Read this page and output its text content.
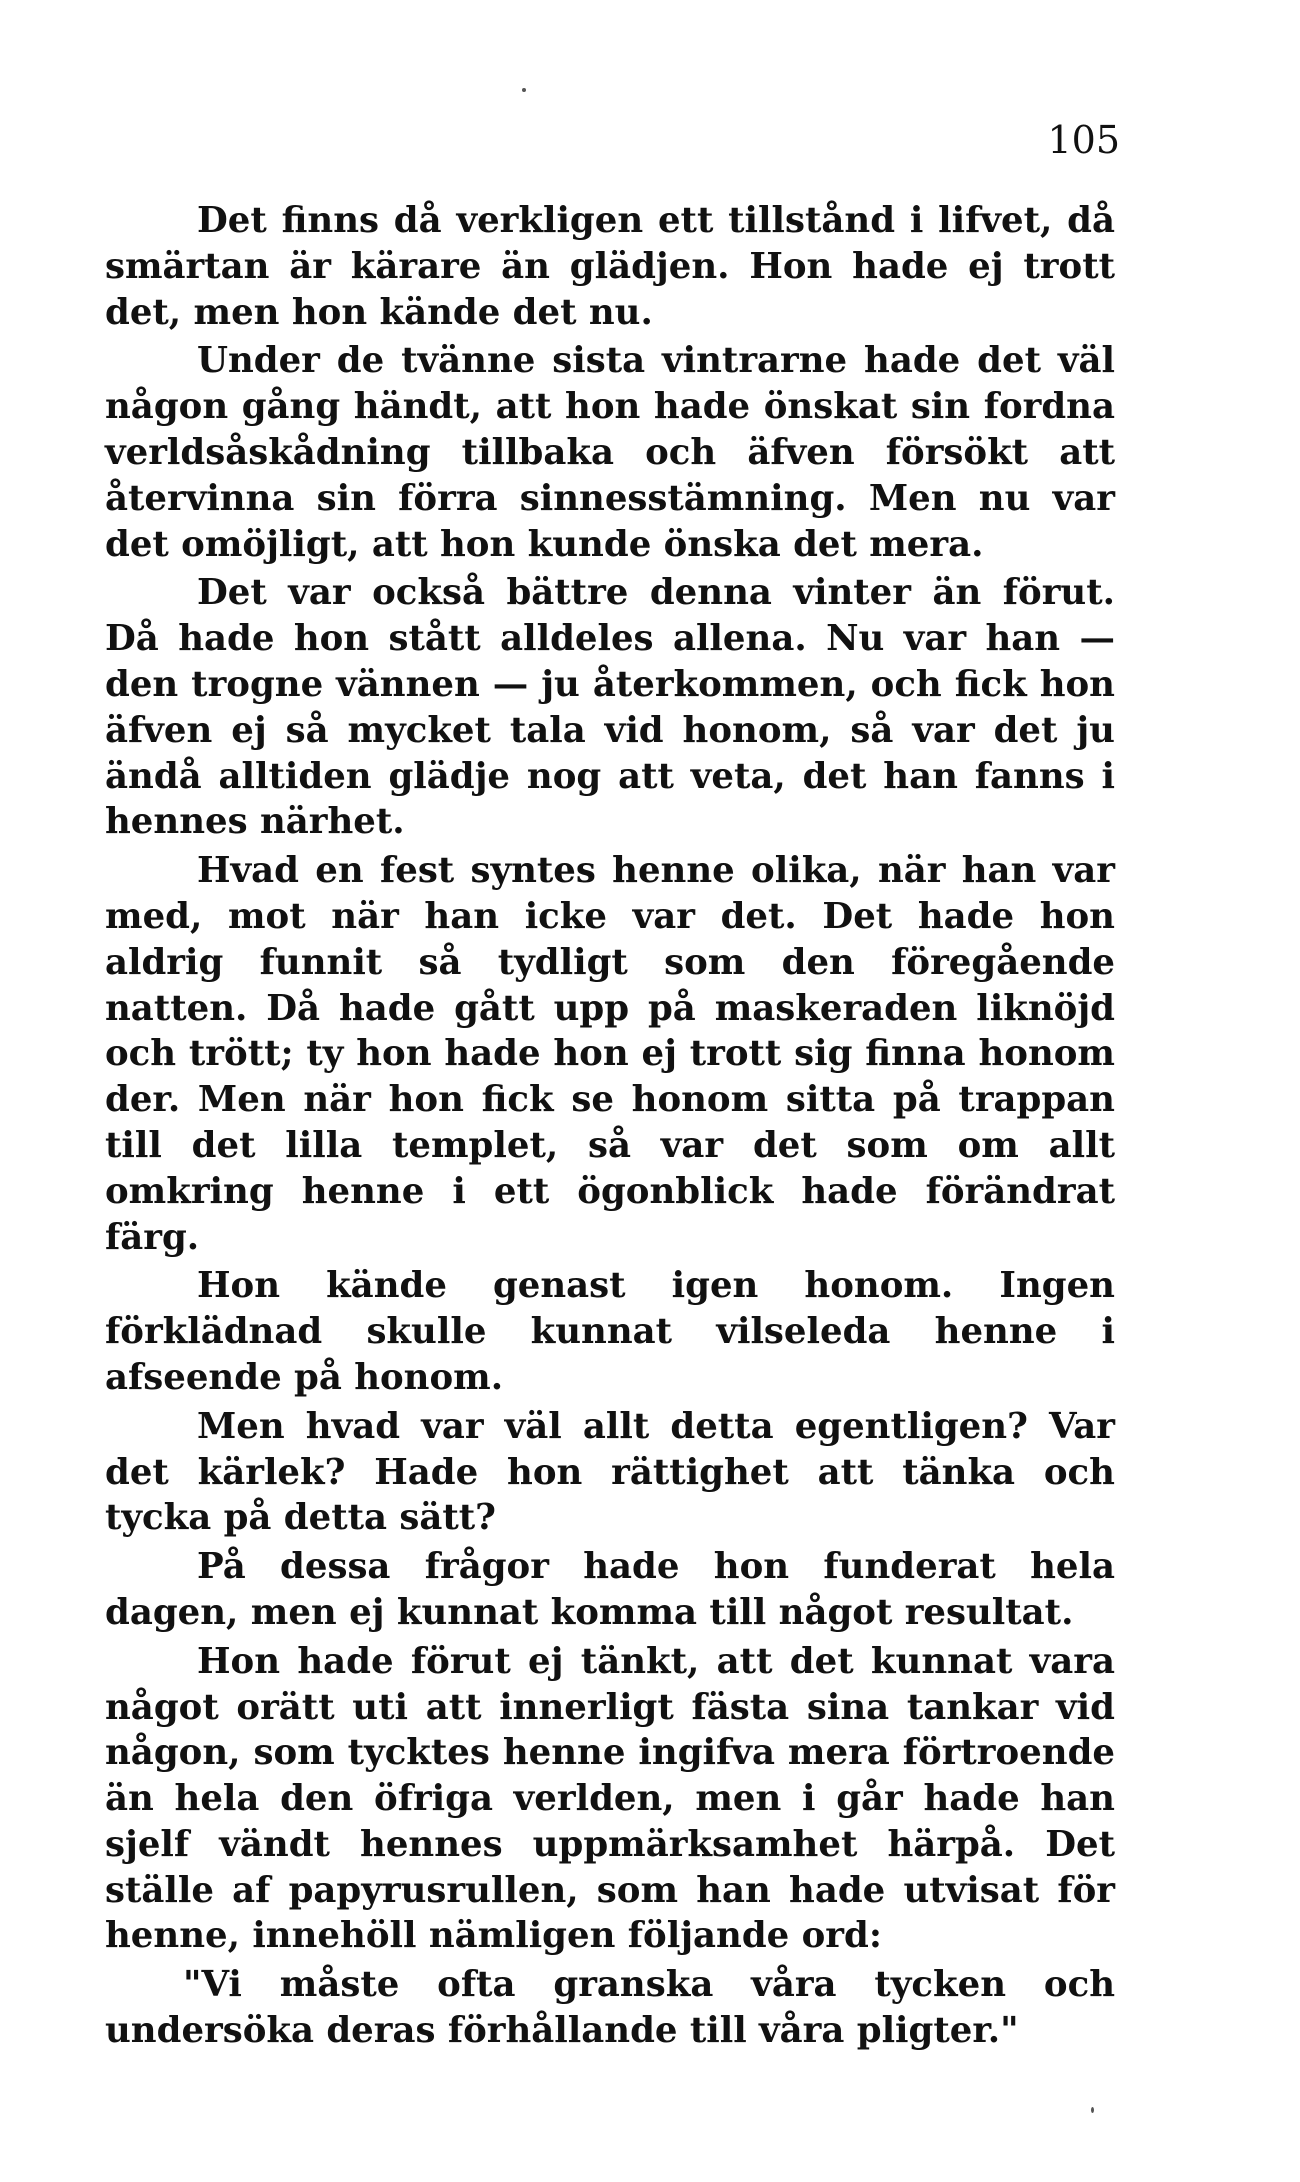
105

Det finns då verkligen ett tillstånd i lifvet, då smärtan är kärare än glädjen. Hon hade ej trott det, men hon kände det nu.

Under de tvänne sista vintrarne hade det väl någon gång händt, att hon hade önskat sin fordna verldsåskådning tillbaka och äfven försökt att återvinna sin förra sinnesstämning. Men nu var det omöjligt, att hon kunde önska det mera.

Det var också bättre denna vinter än förut. Då hade hon stått alldeles allena. Nu var han — den trogne vännen — ju återkommen, och fick hon äfven ej så mycket tala vid honom, så var det ju ändå alltiden glädje nog att veta, det han fanns i hennes närhet.

Hvad en fest syntes henne olika, när han var med, mot när han icke var det. Det hade hon aldrig funnit så tydligt som den föregående natten. Då hade gått upp på maskeraden liknöjd och trött; ty hon hade hon ej trott sig finna honom der. Men när hon fick se honom sitta på trappan till det lilla templet, så var det som om allt omkring henne i ett ögonblick hade förändrat färg.

Hon kände genast igen honom. Ingen förklädnad skulle kunnat vilseleda henne i afseende på honom.

Men hvad var väl allt detta egentligen? Var det kärlek? Hade hon rättighet att tänka och tycka på detta sätt?

På dessa frågor hade hon funderat hela dagen, men ej kunnat komma till något resultat.

Hon hade förut ej tänkt, att det kunnat vara något orätt uti att innerligt fästa sina tankar vid någon, som tycktes henne ingifva mera förtroende än hela den öfriga verlden, men i går hade han sjelf vändt hennes uppmärksamhet härpå. Det ställe af papyrusrullen, som han hade utvisat för henne, innehöll nämligen följande ord:

"Vi måste ofta granska våra tycken och undersöka deras förhållande till våra pligter."
